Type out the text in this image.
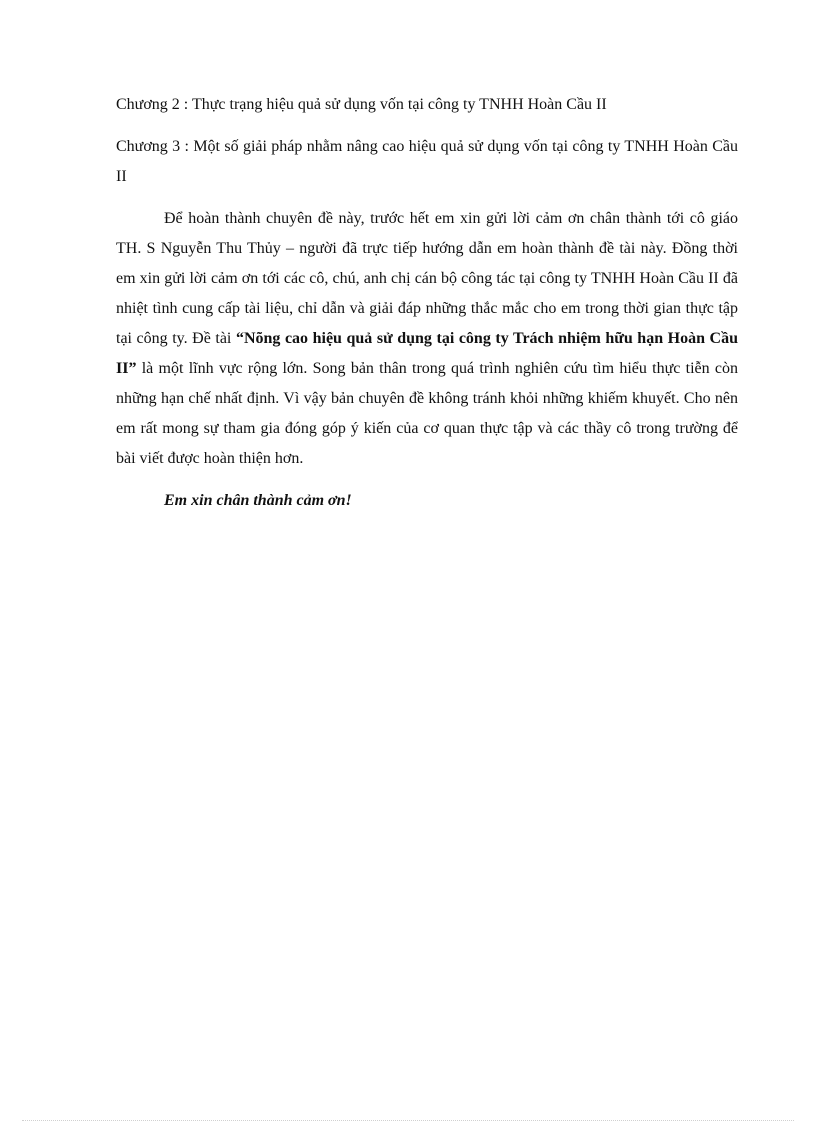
Chương 2 : Thực trạng hiệu quả sử dụng vốn tại công ty TNHH Hoàn Cầu II

Chương 3 : Một số giải pháp nhằm nâng cao hiệu quả sử dụng vốn tại công ty TNHH Hoàn Cầu II

Để hoàn thành chuyên đề này, trước hết em xin gửi lời cảm ơn chân thành tới cô giáo TH. S Nguyễn Thu Thủy – người đã trực tiếp hướng dẫn em hoàn thành đề tài này. Đồng thời em xin gửi lời cảm ơn tới các cô, chú, anh chị cán bộ công tác tại công ty TNHH Hoàn Cầu II đã nhiệt tình cung cấp tài liệu, chỉ dẫn và giải đáp những thắc mắc cho em trong thời gian thực tập tại công ty. Đề tài “Nõng cao hiệu quả sử dụng tại công ty Trách nhiệm hữu hạn Hoàn Cầu II” là một lĩnh vực rộng lớn. Song bản thân trong quá trình nghiên cứu tìm hiểu thực tiễn còn những hạn chế nhất định. Vì vậy bản chuyên đề không tránh khỏi những khiếm khuyết. Cho nên em rất mong sự tham gia đóng góp ý kiến của cơ quan thực tập và các thầy cô trong trường để bài viết được hoàn thiện hơn.

Em xin chân thành cảm ơn!
